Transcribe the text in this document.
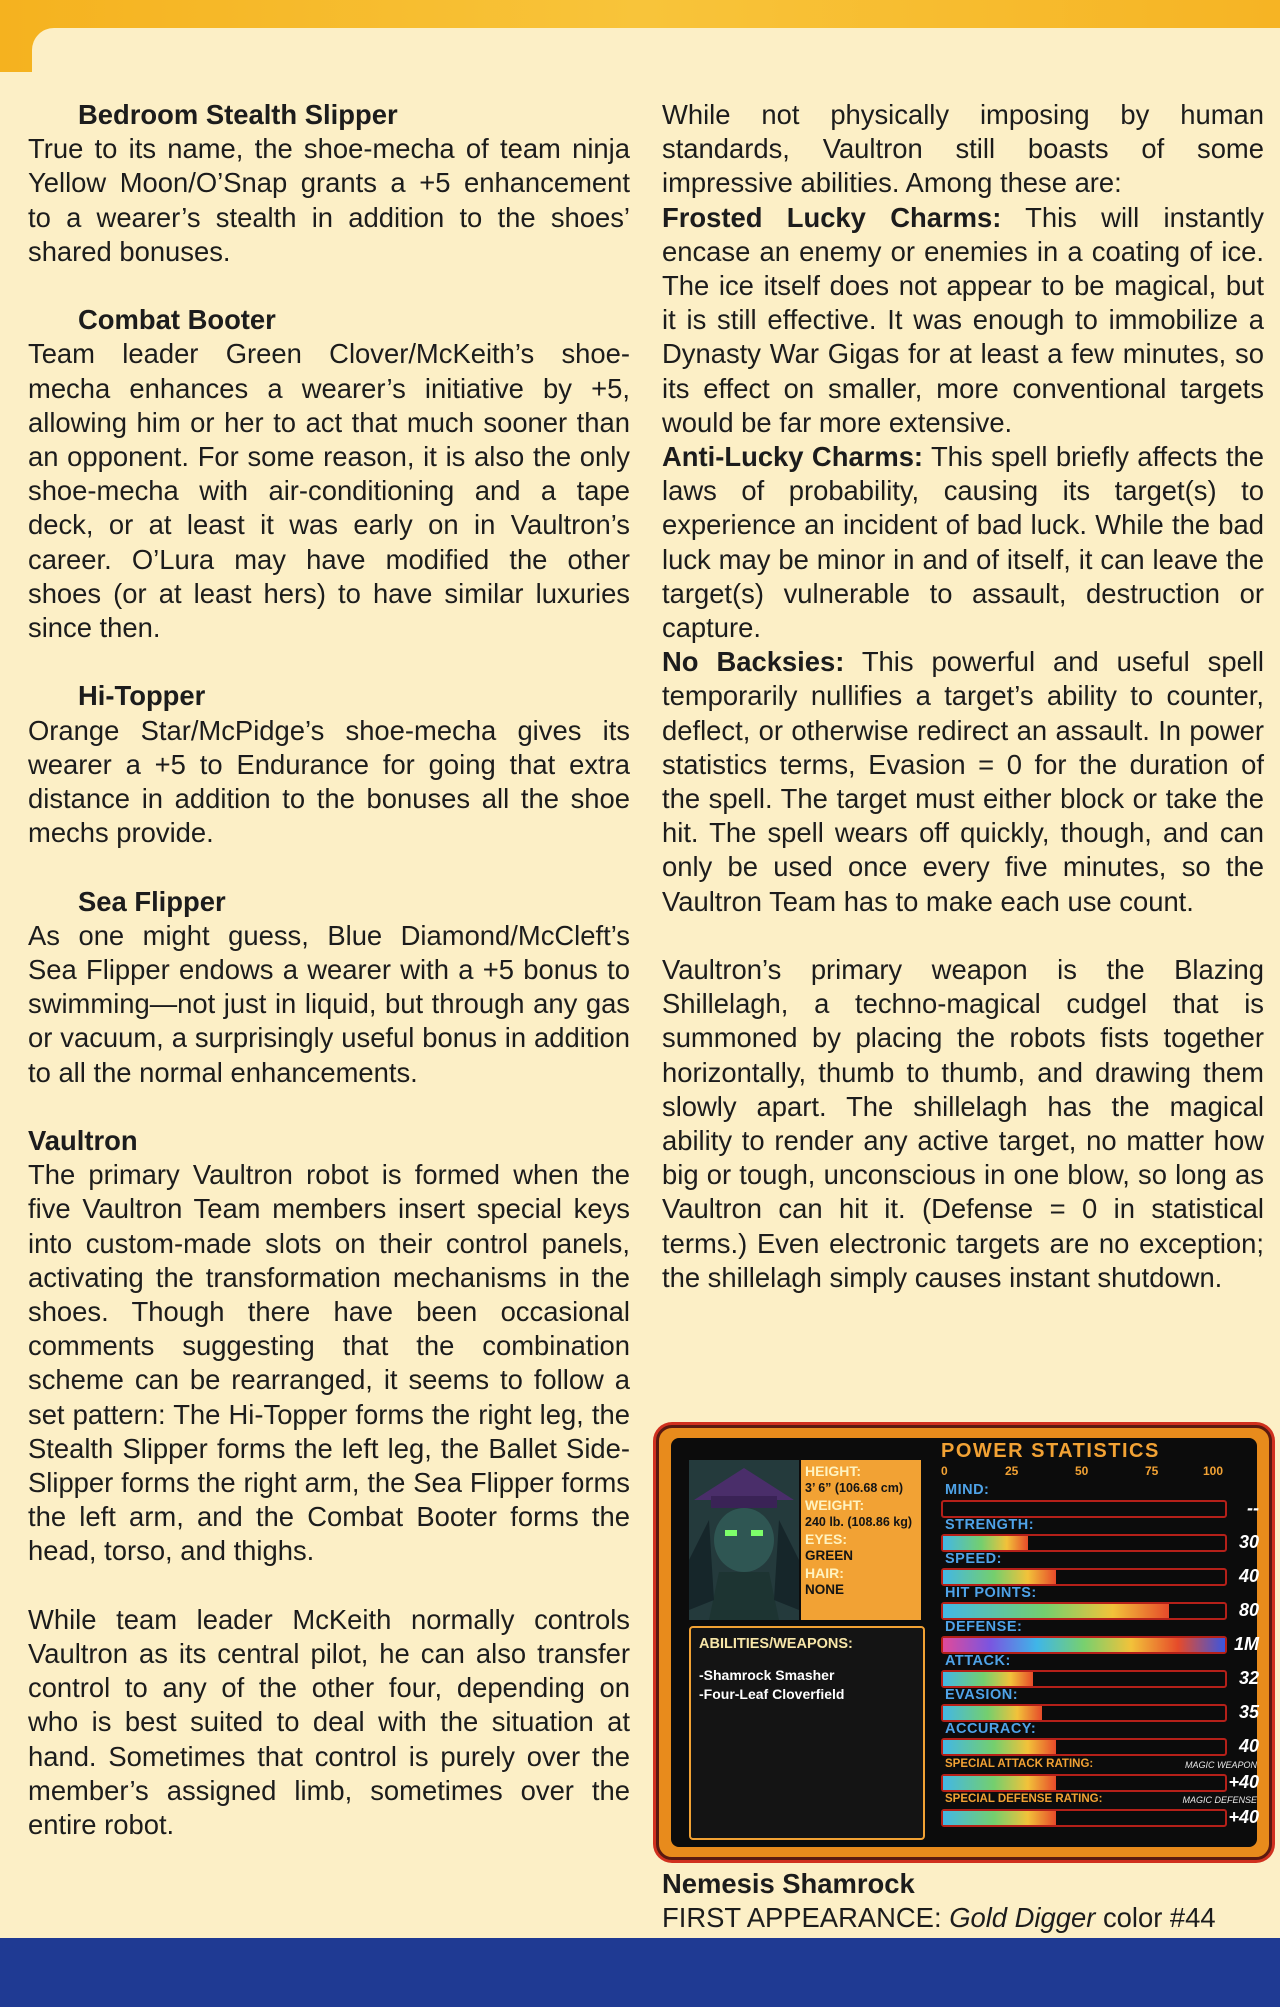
Bedroom Stealth Slipper

True to its name, the shoe-mecha of team ninja Yellow Moon/O’Snap grants a +5 enhancement to a wearer’s stealth in addition to the shoes’ shared bonuses.

Combat Booter

Team leader Green Clover/McKeith’s shoe-mecha enhances a wearer’s initiative by +5, allowing him or her to act that much sooner than an opponent. For some reason, it is also the only shoe-mecha with air-conditioning and a tape deck, or at least it was early on in Vaultron’s career. O’Lura may have modified the other shoes (or at least hers) to have similar luxuries since then.

Hi-Topper

Orange Star/McPidge’s shoe-mecha gives its wearer a +5 to Endurance for going that extra distance in addition to the bonuses all the shoe mechs provide.

Sea Flipper

As one might guess, Blue Diamond/McCleft’s Sea Flipper endows a wearer with a +5 bonus to swimming—not just in liquid, but through any gas or vacuum, a surprisingly useful bonus in addition to all the normal enhancements.

Vaultron

The primary Vaultron robot is formed when the five Vaultron Team members insert special keys into custom-made slots on their control panels, activating the transformation mechanisms in the shoes. Though there have been occasional comments suggesting that the combination scheme can be rearranged, it seems to follow a set pattern: The Hi-Topper forms the right leg, the Stealth Slipper forms the left leg, the Ballet Side-Slipper forms the right arm, the Sea Flipper forms the left arm, and the Combat Booter forms the head, torso, and thighs.

While team leader McKeith normally controls Vaultron as its central pilot, he can also transfer control to any of the other four, depending on who is best suited to deal with the situation at hand. Sometimes that control is purely over the member’s assigned limb, sometimes over the entire robot.

While not physically imposing by human standards, Vaultron still boasts of some impressive abilities. Among these are:

Frosted Lucky Charms: This will instantly encase an enemy or enemies in a coating of ice. The ice itself does not appear to be magical, but it is still effective. It was enough to immobilize a Dynasty War Gigas for at least a few minutes, so its effect on smaller, more conventional targets would be far more extensive.

Anti-Lucky Charms: This spell briefly affects the laws of probability, causing its target(s) to experience an incident of bad luck. While the bad luck may be minor in and of itself, it can leave the target(s) vulnerable to assault, destruction or capture.

No Backsies: This powerful and useful spell temporarily nullifies a target’s ability to counter, deflect, or otherwise redirect an assault. In power statistics terms, Evasion = 0 for the duration of the spell. The target must either block or take the hit. The spell wears off quickly, though, and can only be used once every five minutes, so the Vaultron Team has to make each use count.

Vaultron’s primary weapon is the Blazing Shillelagh, a techno-magical cudgel that is summoned by placing the robots fists together horizontally, thumb to thumb, and drawing them slowly apart. The shillelagh has the magical ability to render any active target, no matter how big or tough, unconscious in one blow, so long as Vaultron can hit it. (Defense = 0 in statistical terms.) Even electronic targets are no exception; the shillelagh simply causes instant shutdown.

HEIGHT:
3’ 6” (106.68 cm)
WEIGHT:
240 lb. (108.86 kg)
EYES:
GREEN
HAIR:
NONE
ABILITIES/WEAPONS:
-Shamrock Smasher
-Four-Leaf Cloverfield
POWER STATISTICS
0	25	50	75	100
MIND:
--
STRENGTH:
30
SPEED:
40
HIT POINTS:
80
DEFENSE:
1M
ATTACK:
32
EVASION:
35
ACCURACY:
40
SPECIAL ATTACK RATING:	MAGIC WEAPON
+40
SPECIAL DEFENSE RATING:	MAGIC DEFENSE
+40
Nemesis Shamrock
FIRST APPEARANCE: Gold Digger color #44
